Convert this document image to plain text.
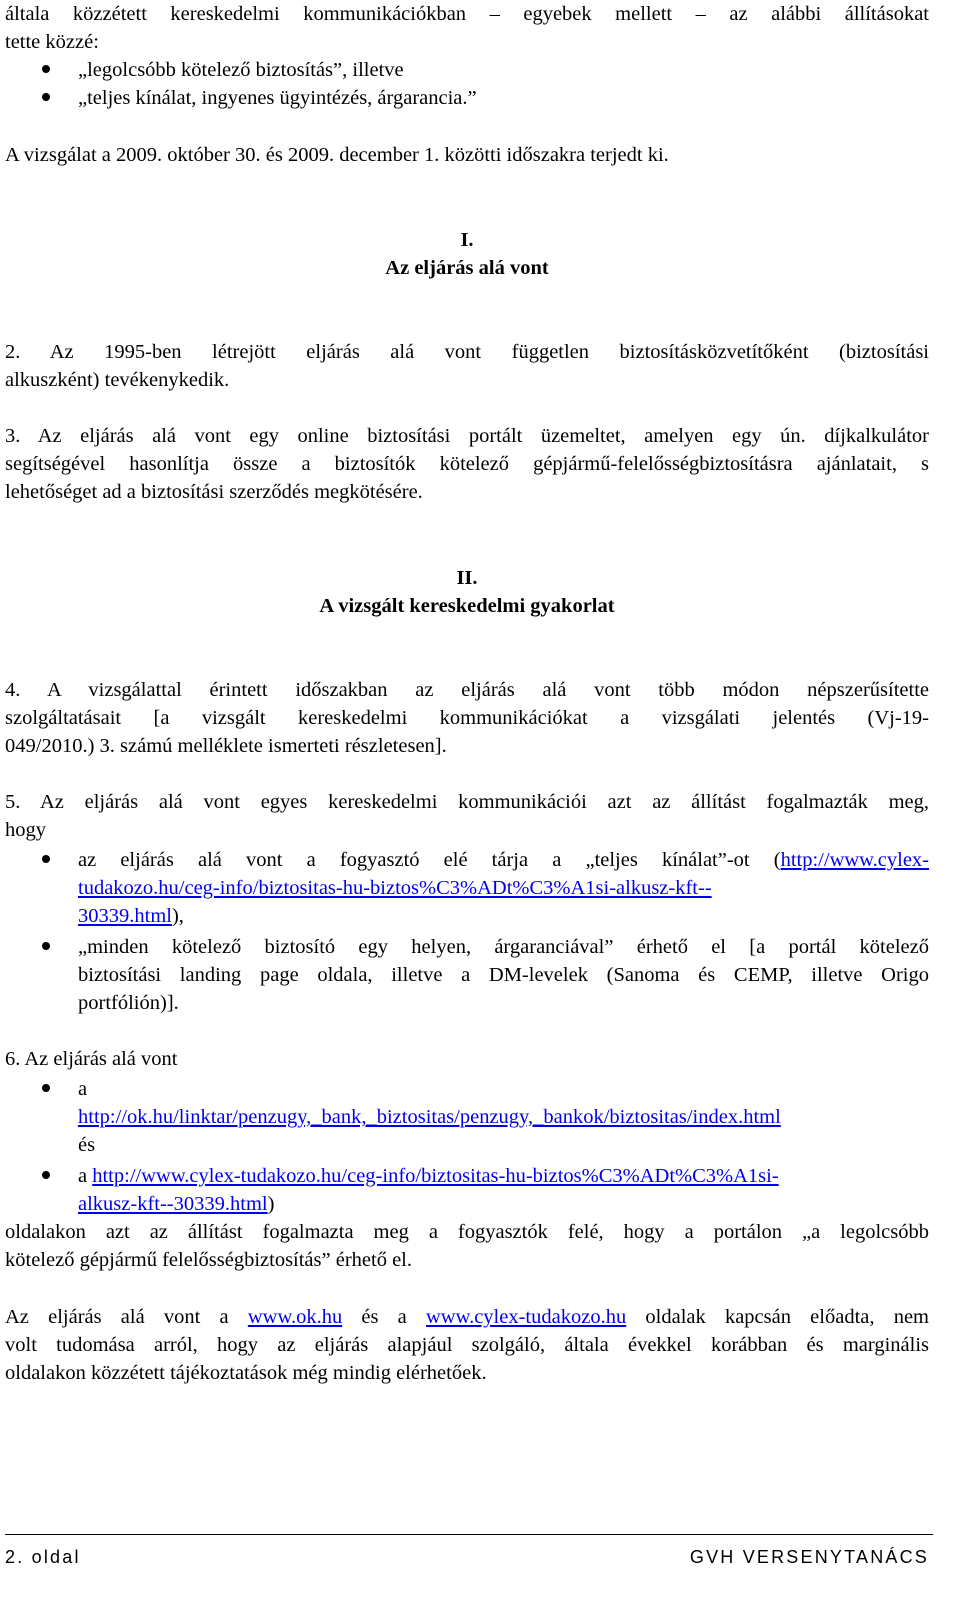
általa közzétett kereskedelmi kommunikációkban – egyebek mellett – az alábbi állításokat
tette közzé:
„legolcsóbb kötelező biztosítás”, illetve
„teljes kínálat, ingyenes ügyintézés, árgarancia.”
A vizsgálat a 2009. október 30. és 2009. december 1. közötti időszakra terjedt ki.
I.
Az eljárás alá vont
2. Az 1995-ben létrejött eljárás alá vont független biztosításközvetítőként (biztosítási
alkuszként) tevékenykedik.
3. Az eljárás alá vont egy online biztosítási portált üzemeltet, amelyen egy ún. díjkalkulátor
segítségével hasonlítja össze a biztosítók kötelező gépjármű-felelősségbiztosításra ajánlatait, s
lehetőséget ad a biztosítási szerződés megkötésére.
II.
A vizsgált kereskedelmi gyakorlat
4. A vizsgálattal érintett időszakban az eljárás alá vont több módon népszerűsítette
szolgáltatásait [a vizsgált kereskedelmi kommunikációkat a vizsgálati jelentés (Vj-19-
049/2010.) 3. számú melléklete ismerteti részletesen].
5. Az eljárás alá vont egyes kereskedelmi kommunikációi azt az állítást fogalmazták meg,
hogy
az eljárás alá vont a fogyasztó elé tárja a „teljes kínálat”-ot (http://www.cylex-
tudakozo.hu/ceg-info/biztositas-hu-biztos%C3%ADt%C3%A1si-alkusz-kft--
30339.html),
„minden kötelező biztosító egy helyen, árgaranciával” érhető el [a portál kötelező
biztosítási landing page oldala, illetve a DM-levelek (Sanoma és CEMP, illetve Origo
portfólión)].
6. Az eljárás alá vont
a
http://ok.hu/linktar/penzugy,_bank,_biztositas/penzugy,_bankok/biztositas/index.html
és
a http://www.cylex-tudakozo.hu/ceg-info/biztositas-hu-biztos%C3%ADt%C3%A1si-
alkusz-kft--30339.html)
oldalakon azt az állítást fogalmazta meg a fogyasztók felé, hogy a portálon „a legolcsóbb
kötelező gépjármű felelősségbiztosítás” érhető el.
Az eljárás alá vont a www.ok.hu és a www.cylex-tudakozo.hu oldalak kapcsán előadta, nem
volt tudomása arról, hogy az eljárás alapjául szolgáló, általa évekkel korábban és marginális
oldalakon közzétett tájékoztatások még mindig elérhetőek.
2. oldal	GVH VERSENYTANÁCS
